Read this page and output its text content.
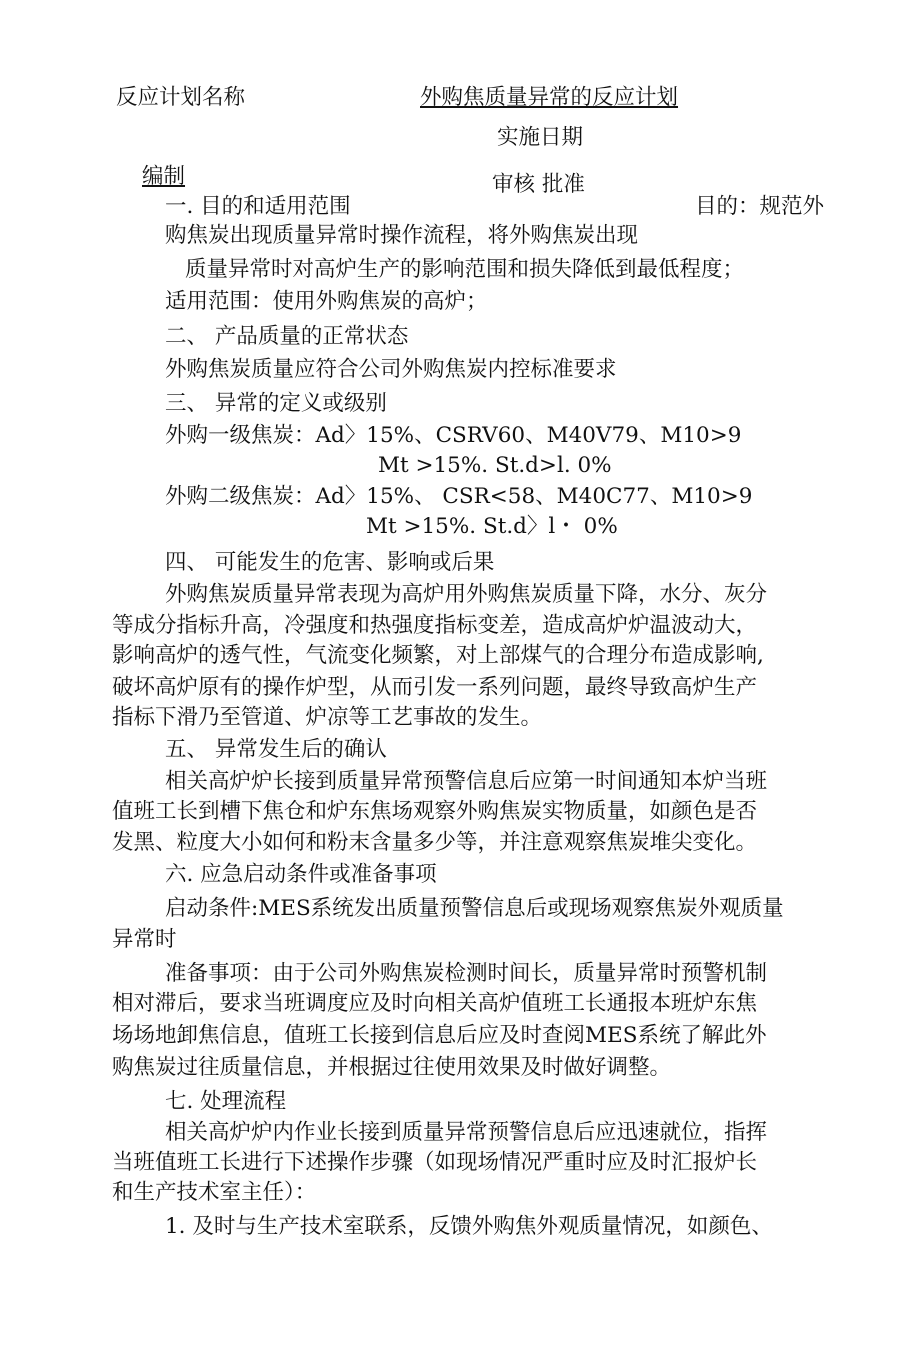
反应计划名称	外购焦质量异常的反应计划
实施日期
编制	审核 批准
一. 目的和适用范围	目的：规范外
购焦炭出现质量异常时操作流程，将外购焦炭出现
质量异常时对高炉生产的影响范围和损失降低到最低程度；
适用范围：使用外购焦炭的高炉；
二、 产品质量的正常状态
外购焦炭质量应符合公司外购焦炭内控标准要求
三、 异常的定义或级别
外购一级焦炭：Ad〉15%、CSRV60、M40V79、M10>9
Mt >15%. St.d>l. 0%
外购二级焦炭：Ad〉15%、 CSR<58、M40C77、M10>9
Mt >15%. St.d〉l・ 0%
四、 可能发生的危害、影响或后果
外购焦炭质量异常表现为高炉用外购焦炭质量下降，水分、灰分
等成分指标升高，冷强度和热强度指标变差，造成高炉炉温波动大，
影响高炉的透气性，气流变化频繁，对上部煤气的合理分布造成影响,
破坏高炉原有的操作炉型，从而引发一系列问题，最终导致高炉生产
指标下滑乃至管道、炉凉等工艺事故的发生。
五、 异常发生后的确认
相关高炉炉长接到质量异常预警信息后应第一时间通知本炉当班
值班工长到槽下焦仓和炉东焦场观察外购焦炭实物质量，如颜色是否
发黑、粒度大小如何和粉末含量多少等，并注意观察焦炭堆尖变化。
六. 应急启动条件或准备事项
启动条件:MES系统发出质量预警信息后或现场观察焦炭外观质量
异常时
准备事项：由于公司外购焦炭检测时间长，质量异常时预警机制
相对滞后，要求当班调度应及时向相关高炉值班工长通报本班炉东焦
场场地卸焦信息，值班工长接到信息后应及时查阅MES系统了解此外
购焦炭过往质量信息，并根据过往使用效果及时做好调整。
七. 处理流程
相关高炉炉内作业长接到质量异常预警信息后应迅速就位，指挥
当班值班工长进行下述操作步骤（如现场情况严重时应及时汇报炉长
和生产技术室主任）：
1. 及时与生产技术室联系，反馈外购焦外观质量情况，如颜色、
